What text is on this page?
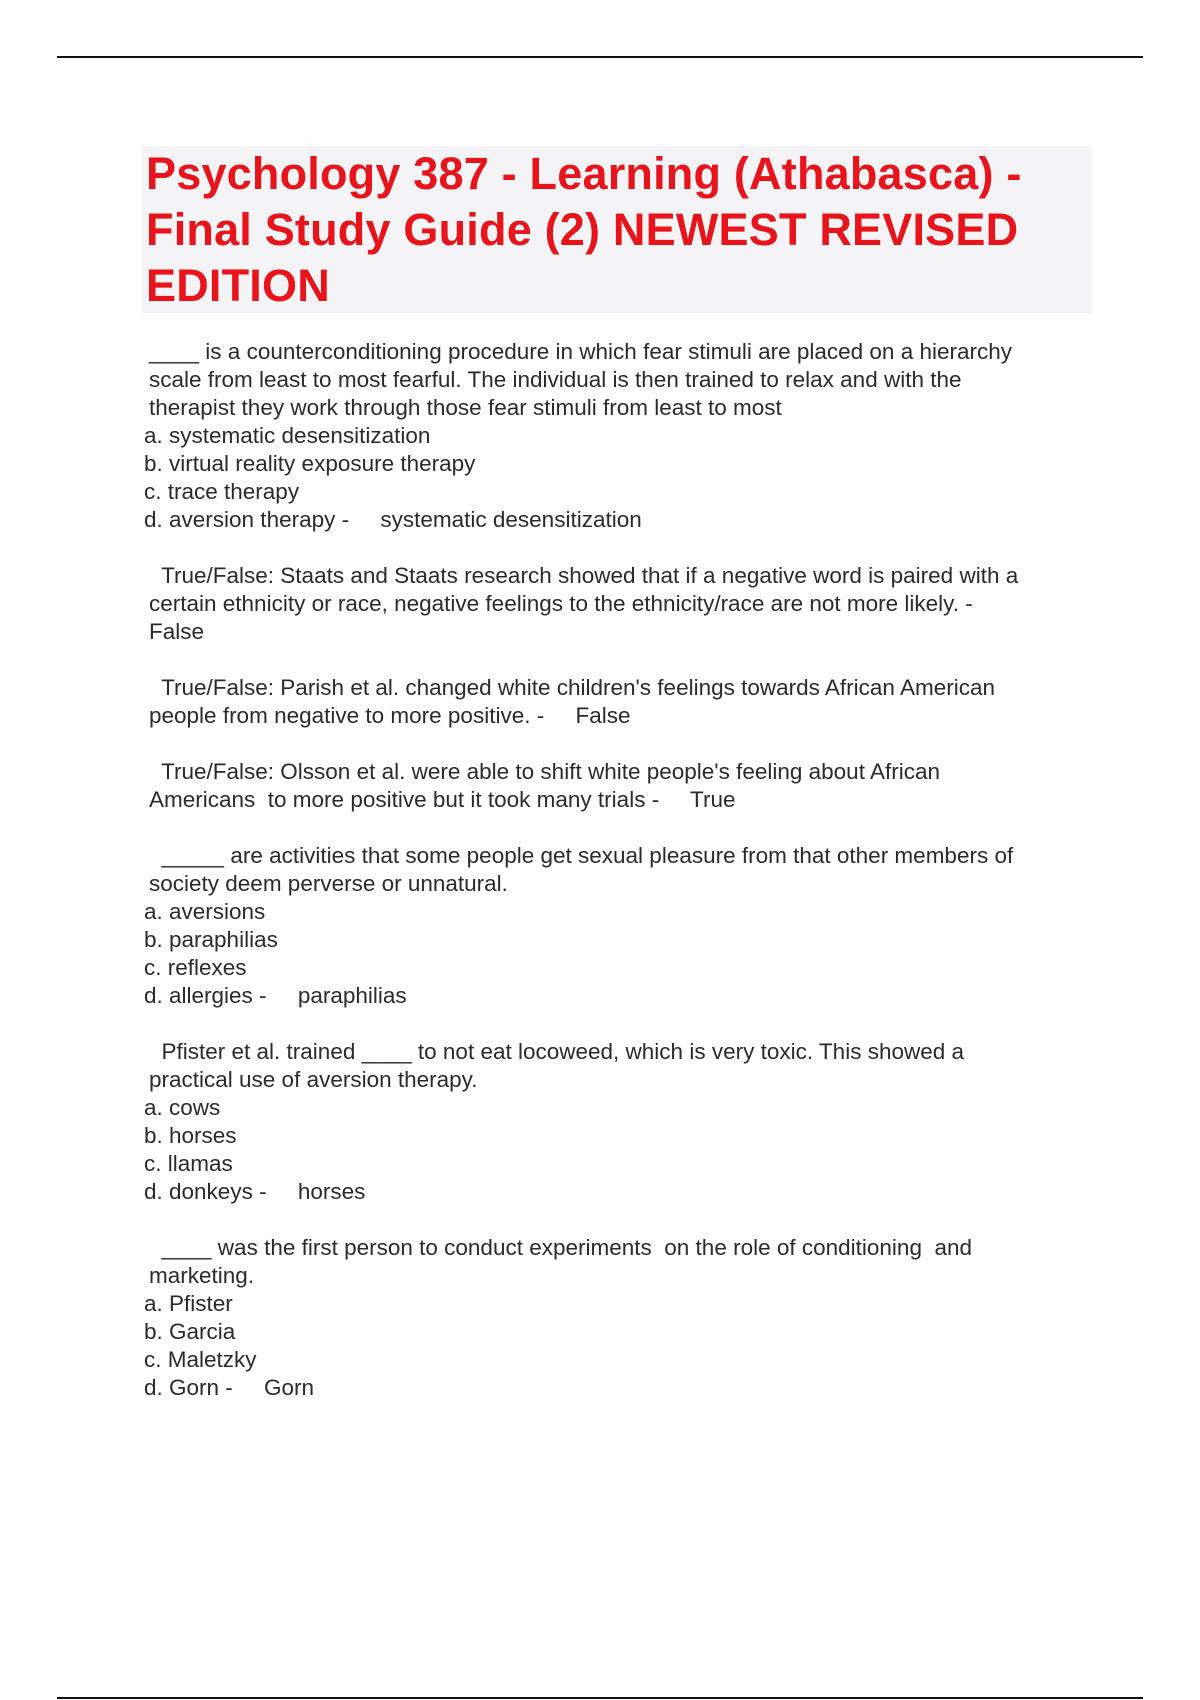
Psychology 387 - Learning (Athabasca) - Final Study Guide (2) NEWEST REVISED EDITION
____ is a counterconditioning procedure in which fear stimuli are placed on a hierarchy
scale from least to most fearful. The individual is then trained to relax and with the
therapist they work through those fear stimuli from least to most
a. systematic desensitization
b. virtual reality exposure therapy
c. trace therapy
d. aversion therapy - systematic desensitization
True/False: Staats and Staats research showed that if a negative word is paired with a
certain ethnicity or race, negative feelings to the ethnicity/race are not more likely. -
False
True/False: Parish et al. changed white children's feelings towards African American
people from negative to more positive. - False
True/False: Olsson et al. were able to shift white people's feeling about African
Americans  to more positive but it took many trials - True
_____ are activities that some people get sexual pleasure from that other members of
society deem perverse or unnatural.
a. aversions
b. paraphilias
c. reflexes
d. allergies - paraphilias
Pfister et al. trained ____ to not eat locoweed, which is very toxic. This showed a
practical use of aversion therapy.
a. cows
b. horses
c. llamas
d. donkeys - horses
____ was the first person to conduct experiments  on the role of conditioning  and
marketing.
a. Pfister
b. Garcia
c. Maletzky
d. Gorn - Gorn
